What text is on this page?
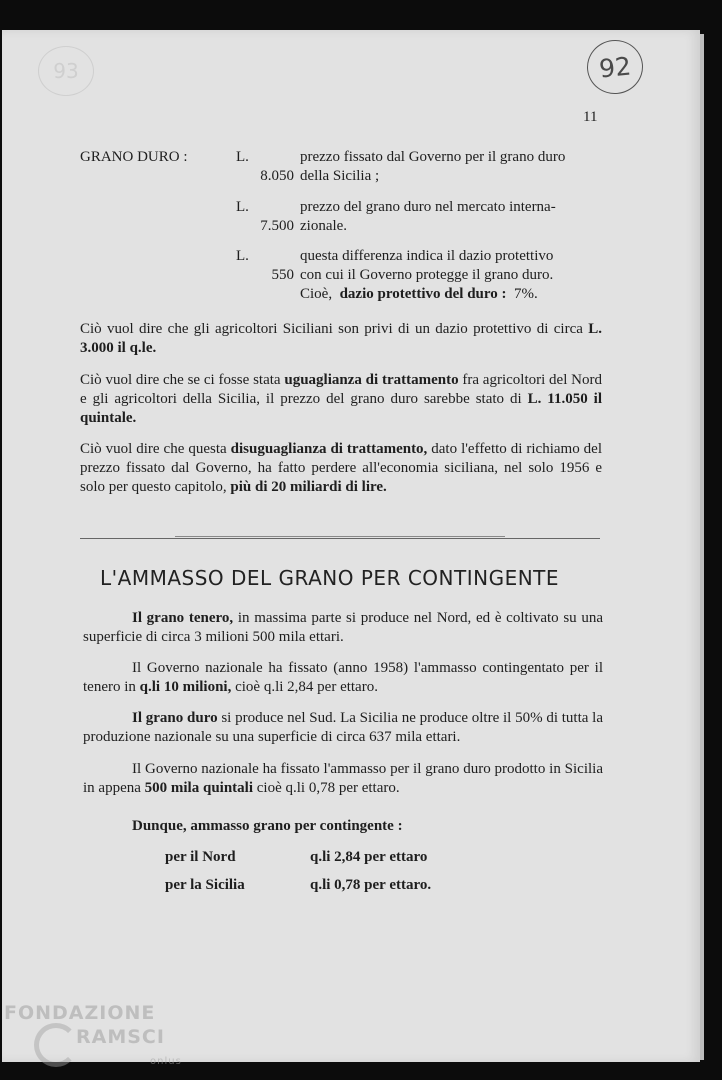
93	92
11
GRANO DURO :	L.8.050
prezzo fissato dal Governo per il grano duro
della Sicilia ;
L.7.500
prezzo del grano duro nel mercato interna-
zionale.
L.550
questa differenza indica il dazio protettivo
con cui il Governo protegge il grano duro.
Cioè, dazio protettivo del duro : 7%.
Ciò vuol dire che gli agricoltori Siciliani son privi di un dazio protettivo di circa L. 3.000 il q.le.
Ciò vuol dire che se ci fosse stata uguaglianza di trattamento fra agricoltori del Nord e gli agricoltori della Sicilia, il prezzo del grano duro sarebbe stato di L. 11.050 il quintale.
Ciò vuol dire che questa disuguaglianza di trattamento, dato l'effetto di richiamo del prezzo fissato dal Governo, ha fatto perdere all'economia siciliana, nel solo 1956 e solo per questo capitolo, più di 20 miliardi di lire.
L'AMMASSO DEL GRANO PER CONTINGENTE
Il grano tenero, in massima parte si produce nel Nord, ed è coltivato su una superficie di circa 3 milioni 500 mila ettari.
Il Governo nazionale ha fissato (anno 1958) l'ammasso contingentato per il tenero in q.li 10 milioni, cioè q.li 2,84 per ettaro.
Il grano duro si produce nel Sud. La Sicilia ne produce oltre il 50% di tutta la produzione nazionale su una superficie di circa 637 mila ettari.
Il Governo nazionale ha fissato l'ammasso per il grano duro prodotto in Sicilia in appena 500 mila quintali cioè q.li 0,78 per ettaro.
Dunque, ammasso grano per contingente :
per il Nord	q.li 2,84 per ettaro
per la Sicilia	q.li 0,78 per ettaro.
FONDAZIONE
RAMSCI
onlus
